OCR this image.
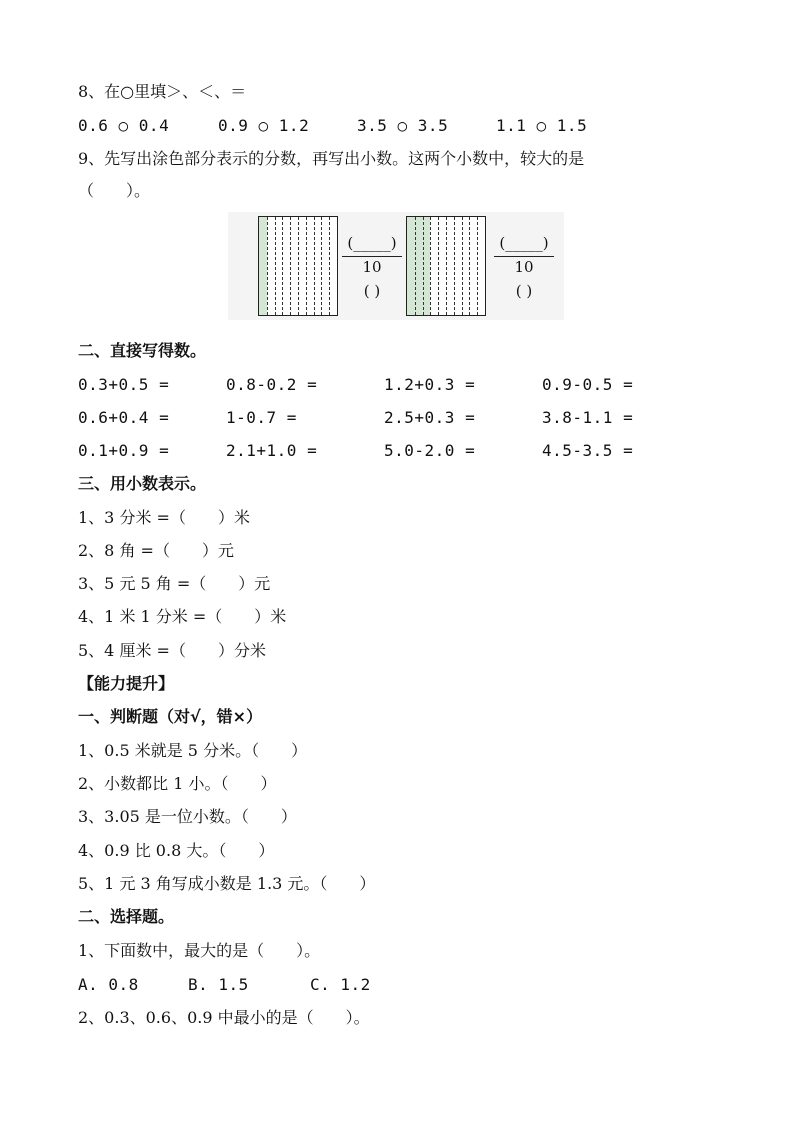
8、在○里填＞、＜、＝
0.6 ○ 0.4	0.9 ○ 1.2	3.5 ○ 3.5	1.1 ○ 1.5
9、先写出涂色部分表示的分数，再写出小数。这两个小数中，较大的是
（　　）。
(_____)
10
( )
(_____)
10
( )
二、直接写得数。
0.3+0.5 =	0.8-0.2 =	1.2+0.3 =	0.9-0.5 =
0.6+0.4 =	1-0.7 =	2.5+0.3 =	3.8-1.1 =
0.1+0.9 =	2.1+1.0 =	5.0-2.0 =	4.5-3.5 =
三、用小数表示。
1、3 分米 =（　　）米
2、8 角 =（　　）元
3、5 元 5 角 =（　　）元
4、1 米 1 分米 =（　　）米
5、4 厘米 =（　　）分米
【能力提升】
一、判断题（对√，错×）
1、0.5 米就是 5 分米。（　　）
2、小数都比 1 小。（　　）
3、3.05 是一位小数。（　　）
4、0.9 比 0.8 大。（　　）
5、1 元 3 角写成小数是 1.3 元。（　　）
二、选择题。
1、下面数中，最大的是（　　）。
A. 0.8	B. 1.5	C. 1.2
2、0.3、0.6、0.9 中最小的是（　　）。
